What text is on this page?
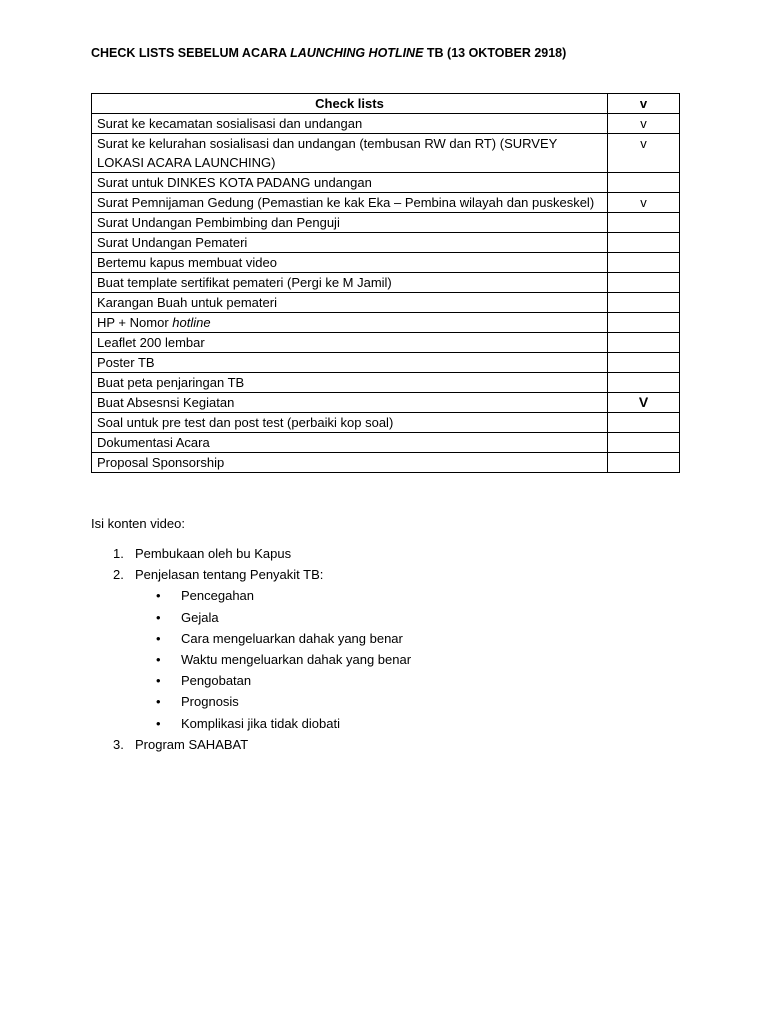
CHECK LISTS SEBELUM ACARA LAUNCHING HOTLINE TB (13 OKTOBER 2918)
Check lists	v
Surat ke kecamatan sosialisasi dan undangan	v
Surat ke kelurahan sosialisasi dan undangan (tembusan RW dan RT) (SURVEY LOKASI ACARA LAUNCHING)	v
Surat untuk DINKES KOTA PADANG undangan	
Surat Pemnijaman Gedung (Pemastian ke kak Eka – Pembina wilayah dan puskeskel)	v
Surat Undangan Pembimbing dan Penguji	
Surat Undangan Pemateri	
Bertemu kapus membuat video	
Buat template sertifikat pemateri (Pergi ke M Jamil)	
Karangan Buah untuk pemateri	
HP + Nomor hotline	
Leaflet 200 lembar	
Poster TB	
Buat peta penjaringan TB	
Buat Absesnsi Kegiatan	V
Soal untuk pre test dan post test (perbaiki kop soal)	
Dokumentasi Acara	
Proposal Sponsorship	
Isi konten video:
1. Pembukaan oleh bu Kapus
2. Penjelasan tentang Penyakit TB:
• Pencegahan
• Gejala
• Cara mengeluarkan dahak yang benar
• Waktu mengeluarkan dahak yang benar
• Pengobatan
• Prognosis
• Komplikasi jika tidak diobati
3. Program SAHABAT
